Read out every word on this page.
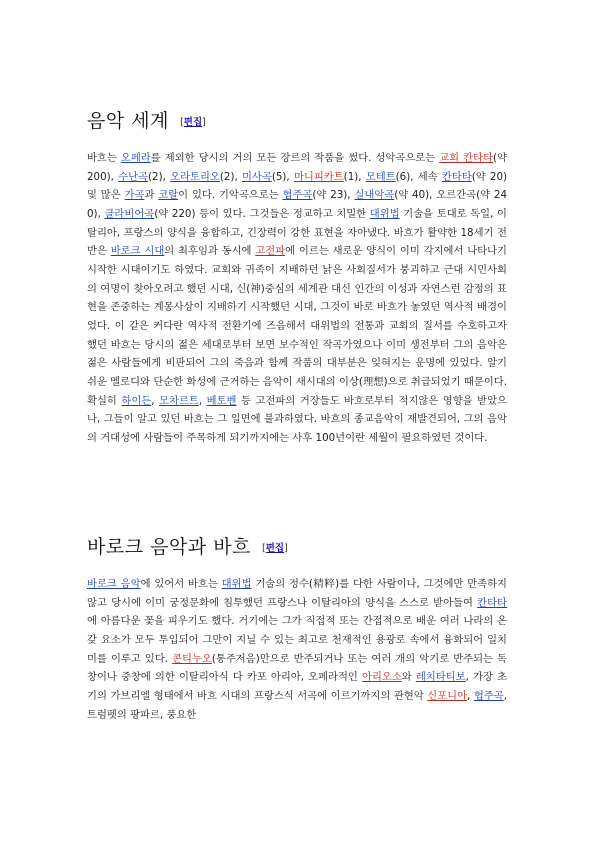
음악 세계 [편집]

바흐는 오페라를 제외한 당시의 거의 모든 장르의 작품을 썼다. 성악곡으로는 교회 칸타타(약 200), 수난곡(2), 오라토리오(2), 미사곡(5), 마니피카트(1), 모테트(6), 세속 칸타타(약 20) 및 많은 가곡과 코랄이 있다. 기악곡으로는 협주곡(약 23), 실내악곡(약 40), 오르간곡(약 240), 클라비어곡(약 220) 등이 있다. 그것들은 정교하고 치밀한 대위법 기술을 토대로 독일, 이탈리아, 프랑스의 양식을 융합하고, 긴장력이 강한 표현을 자아냈다. 바흐가 활약한 18세기 전반은 바로크 시대의 최후임과 동시에 고전파에 이르는 새로운 양식이 이미 각지에서 나타나기 시작한 시대이기도 하였다. 교회와 귀족이 지배하던 낡은 사회질서가 붕괴하고 근대 시민사회의 여명이 찾아오려고 했던 시대, 신(神)중심의 세계관 대신 인간의 이성과 자연스런 감정의 표현을 존중하는 계몽사상이 지배하기 시작했던 시대, 그것이 바로 바흐가 놓였던 역사적 배경이었다. 이 같은 커다란 역사적 전환기에 즈음해서 대위법의 전통과 교회의 질서를 수호하고자 했던 바흐는 당시의 젊은 세대로부터 보면 보수적인 작곡가였으나 이미 생전부터 그의 음악은 젊은 사람들에게 비판되어 그의 죽음과 함께 작품의 대부분은 잊혀지는 운명에 있었다. 알기 쉬운 멜로디와 단순한 화성에 근거하는 음악이 새시대의 이상(理想)으로 취급되었기 때문이다. 확실히 하이든, 모차르트, 베토벤 등 고전파의 거장들도 바흐로부터 적지않은 영향을 받았으나, 그들이 알고 있던 바흐는 그 일면에 불과하였다. 바흐의 종교음악이 재발견되어, 그의 음악의 거대성에 사람들이 주목하게 되기까지에는 사후 100년이란 세월이 필요하였던 것이다.

바로크 음악과 바흐 [편집]

바로크 음악에 있어서 바흐는 대위법 기술의 정수(精粹)를 다한 사람이나, 그것에만 만족하지 않고 당시에 이미 궁정문화에 침투했던 프랑스나 이탈리아의 양식을 스스로 받아들여 칸타타에 아름다운 꽃을 피우기도 했다. 거기에는 그가 직접적 또는 간접적으로 배운 여러 나라의 온갖 요소가 모두 투입되어 그만이 지닐 수 있는 최고로 천재적인 용광로 속에서 융화되어 일치미를 이루고 있다. 콘티누오(통주저음)만으로 반주되거나 또는 여러 개의 악기로 반주되는 독창이나 중창에 의한 이탈리아식 다 카포 아리아, 오페라적인 아리오소와 레치타티보, 가장 초기의 가브리엘 형태에서 바흐 시대의 프랑스식 서곡에 이르기까지의 관현악 신포니아, 협주곡, 트럼펫의 팡파르, 풍요한
